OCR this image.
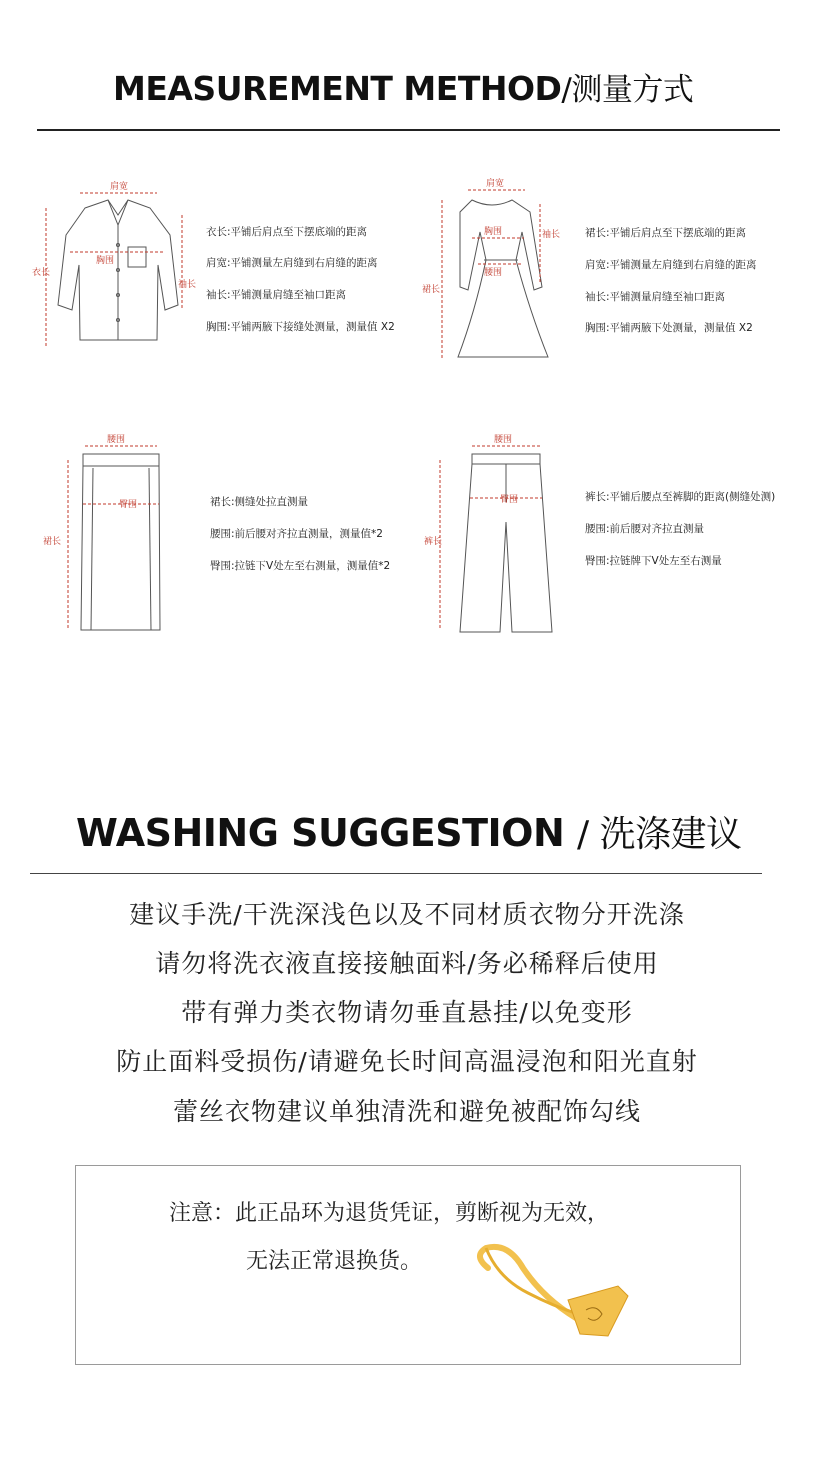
MEASUREMENT METHOD/测量方式
肩宽
胸围
衣长
袖长
衣长:平铺后肩点至下摆底端的距离
肩宽:平铺测量左肩缝到右肩缝的距离
袖长:平铺测量肩缝至袖口距离
胸围:平铺两腋下接缝处测量，测量值 X2
肩宽
胸围
腰围
裙长
袖长 裙长:平铺后肩点至下摆底端的距离
肩宽:平铺测量左肩缝到右肩缝的距离
袖长:平铺测量肩缝至袖口距离
胸围:平铺两腋下处测量，测量值 X2
腰围
臀围
裙长
裙长:侧缝处拉直测量
腰围:前后腰对齐拉直测量，测量值*2
臀围:拉链下V处左至右测量，测量值*2
腰围
臀围
裤长
裤长:平铺后腰点至裤脚的距离(侧缝处测)
腰围:前后腰对齐拉直测量
臀围:拉链牌下V处左至右测量
WASHING SUGGESTION / 洗涤建议
建议手洗/干洗深浅色以及不同材质衣物分开洗涤
请勿将洗衣液直接接触面料/务必稀释后使用
带有弹力类衣物请勿垂直悬挂/以免变形
防止面料受损伤/请避免长时间高温浸泡和阳光直射
蕾丝衣物建议单独清洗和避免被配饰勾线
注意：此正品环为退货凭证，剪断视为无效，
无法正常退换货。
